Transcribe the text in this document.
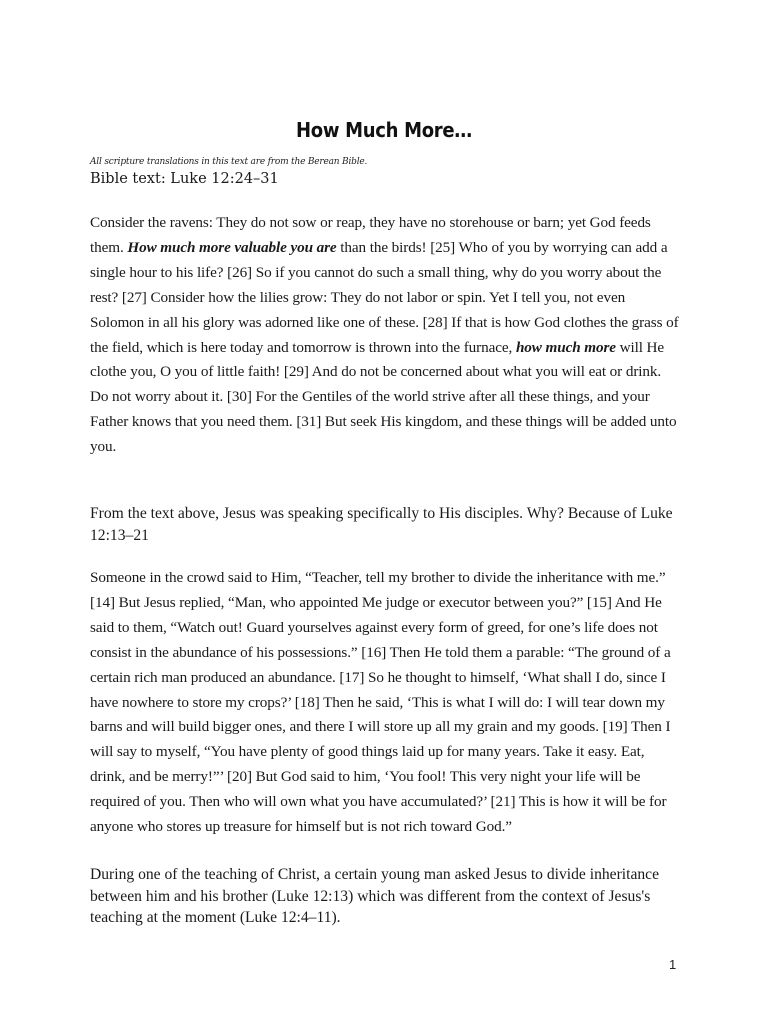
How Much More…
All scripture translations in this text are from the Berean Bible.
Bible text: Luke 12:24–31

Consider the ravens: They do not sow or reap, they have no storehouse or barn; yet God feeds them. How much more valuable you are than the birds! [25] Who of you by worrying can add a single hour to his life? [26] So if you cannot do such a small thing, why do you worry about the rest? [27] Consider how the lilies grow: They do not labor or spin. Yet I tell you, not even Solomon in all his glory was adorned like one of these. [28] If that is how God clothes the grass of the field, which is here today and tomorrow is thrown into the furnace, how much more will He clothe you, O you of little faith! [29] And do not be concerned about what you will eat or drink. Do not worry about it. [30] For the Gentiles of the world strive after all these things, and your Father knows that you need them. [31] But seek His kingdom, and these things will be added unto you.

From the text above, Jesus was speaking specifically to His disciples. Why? Because of Luke 12:13–21

Someone in the crowd said to Him, “Teacher, tell my brother to divide the inheritance with me.” [14] But Jesus replied, “Man, who appointed Me judge or executor between you?” [15] And He said to them, “Watch out! Guard yourselves against every form of greed, for one’s life does not consist in the abundance of his possessions.” [16] Then He told them a parable: “The ground of a certain rich man produced an abundance. [17] So he thought to himself, ‘What shall I do, since I have nowhere to store my crops?’ [18] Then he said, ‘This is what I will do: I will tear down my barns and will build bigger ones, and there I will store up all my grain and my goods. [19] Then I will say to myself, “You have plenty of good things laid up for many years. Take it easy. Eat, drink, and be merry!”’ [20] But God said to him, ‘You fool! This very night your life will be required of you. Then who will own what you have accumulated?’ [21] This is how it will be for anyone who stores up treasure for himself but is not rich toward God.”

During one of the teaching of Christ, a certain young man asked Jesus to divide inheritance between him and his brother (Luke 12:13) which was different from the context of Jesus's teaching at the moment (Luke 12:4–11).

1
